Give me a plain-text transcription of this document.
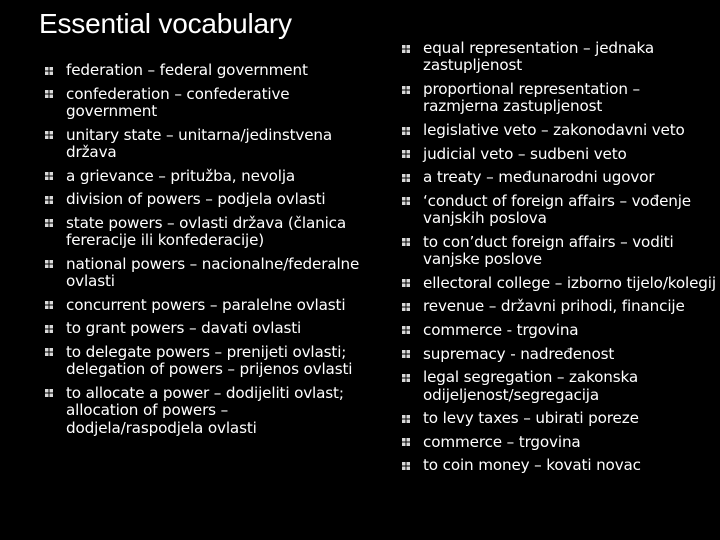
Essential vocabulary
federation – federal government
confederation – confederative government
unitary state – unitarna/jedinstvena država
a grievance – pritužba, nevolja
division of powers – podjela ovlasti
state powers – ovlasti država (članica fereracije ili konfederacije)
national powers – nacionalne/federalne ovlasti
concurrent powers – paralelne ovlasti
to grant powers – davati ovlasti
to delegate powers – prenijeti ovlasti; delegation of powers – prijenos ovlasti
to allocate a power – dodijeliti ovlast; allocation of powers – dodjela/raspodjela ovlasti
equal representation – jednaka zastupljenost
proportional representation – razmjerna zastupljenost
legislative veto – zakonodavni veto
judicial veto – sudbeni veto
a treaty – međunarodni ugovor
‘conduct of foreign affairs – vođenje vanjskih poslova
to con’duct foreign affairs – voditi vanjske poslove
ellectoral college – izborno tijelo/kolegij
revenue – državni prihodi, financije
commerce - trgovina
supremacy - nadređenost
legal segregation – zakonska odijeljenost/segregacija
to levy taxes – ubirati poreze
commerce – trgovina
to coin money – kovati novac
